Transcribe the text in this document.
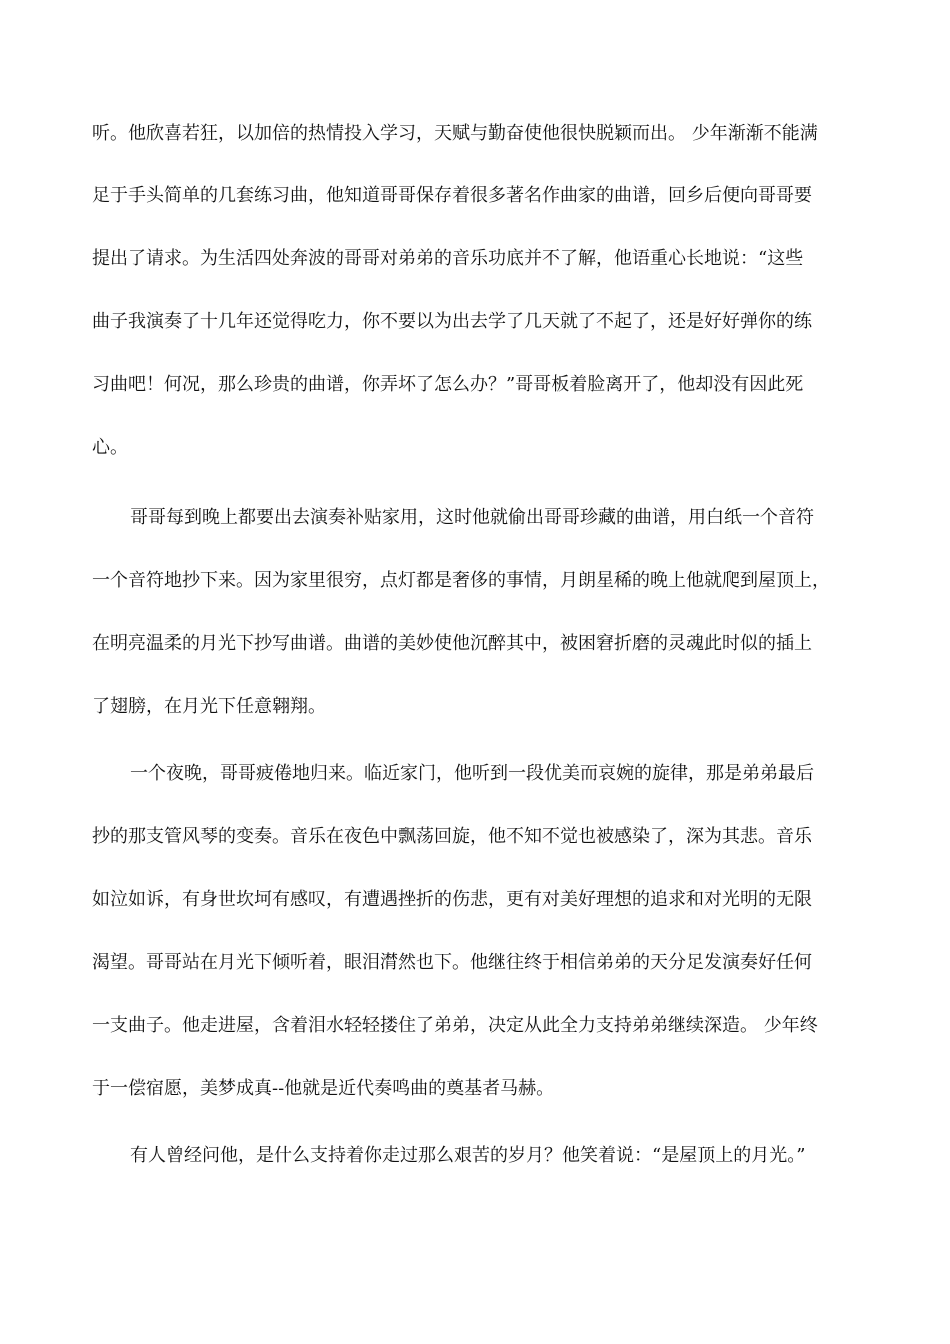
听。他欣喜若狂，以加倍的热情投入学习，天赋与勤奋使他很快脱颖而出。 少年渐渐不能满
足于手头简单的几套练习曲，他知道哥哥保存着很多著名作曲家的曲谱，回乡后便向哥哥要
提出了请求。为生活四处奔波的哥哥对弟弟的音乐功底并不了解，他语重心长地说：“这些
曲子我演奏了十几年还觉得吃力，你不要以为出去学了几天就了不起了，还是好好弹你的练
习曲吧！何况，那么珍贵的曲谱，你弄坏了怎么办？”哥哥板着脸离开了，他却没有因此死
心。
哥哥每到晚上都要出去演奏补贴家用，这时他就偷出哥哥珍藏的曲谱，用白纸一个音符
一个音符地抄下来。因为家里很穷，点灯都是奢侈的事情，月朗星稀的晚上他就爬到屋顶上，
在明亮温柔的月光下抄写曲谱。曲谱的美妙使他沉醉其中，被困窘折磨的灵魂此时似的插上
了翅膀，在月光下任意翱翔。
一个夜晚，哥哥疲倦地归来。临近家门，他听到一段优美而哀婉的旋律，那是弟弟最后
抄的那支管风琴的变奏。音乐在夜色中飘荡回旋，他不知不觉也被感染了，深为其悲。音乐
如泣如诉，有身世坎坷有感叹，有遭遇挫折的伤悲，更有对美好理想的追求和对光明的无限
渴望。哥哥站在月光下倾听着，眼泪潸然也下。他继往终于相信弟弟的天分足发演奏好任何
一支曲子。他走进屋，含着泪水轻轻搂住了弟弟，决定从此全力支持弟弟继续深造。 少年终
于一偿宿愿，美梦成真--他就是近代奏鸣曲的奠基者马赫。
有人曾经问他，是什么支持着你走过那么艰苦的岁月？他笑着说：“是屋顶上的月光。”
